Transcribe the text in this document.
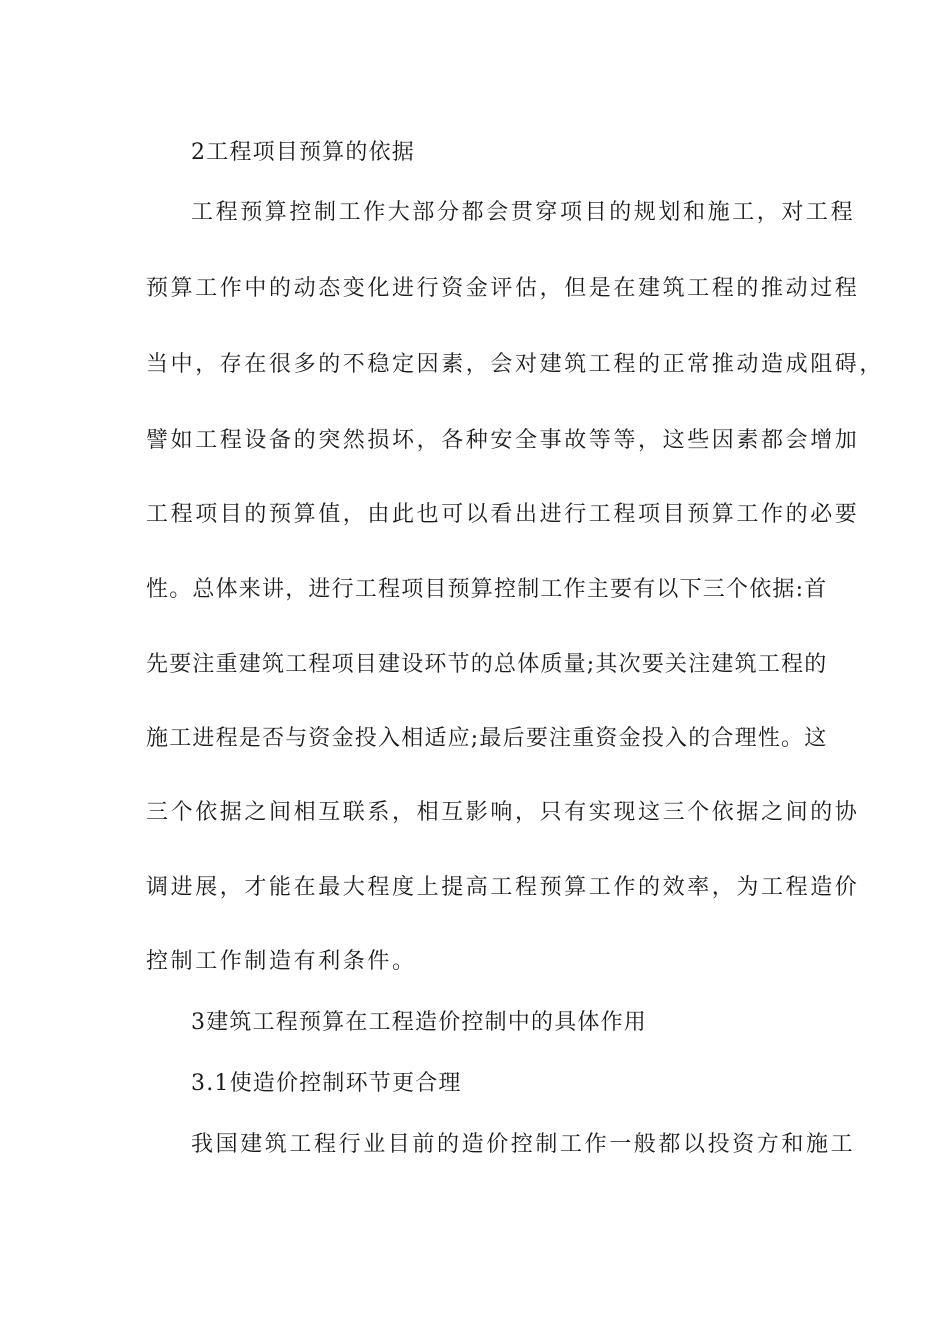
2工程项目预算的依据
工程预算控制工作大部分都会贯穿项目的规划和施工，对工程
预算工作中的动态变化进行资金评估，但是在建筑工程的推动过程
当中，存在很多的不稳定因素，会对建筑工程的正常推动造成阻碍，
譬如工程设备的突然损坏，各种安全事故等等，这些因素都会增加
工程项目的预算值，由此也可以看出进行工程项目预算工作的必要
性。总体来讲，进行工程项目预算控制工作主要有以下三个依据:首
先要注重建筑工程项目建设环节的总体质量;其次要关注建筑工程的
施工进程是否与资金投入相适应;最后要注重资金投入的合理性。这
三个依据之间相互联系，相互影响，只有实现这三个依据之间的协
调进展，才能在最大程度上提高工程预算工作的效率，为工程造价
控制工作制造有利条件。
3建筑工程预算在工程造价控制中的具体作用
3.1使造价控制环节更合理
我国建筑工程行业目前的造价控制工作一般都以投资方和施工
